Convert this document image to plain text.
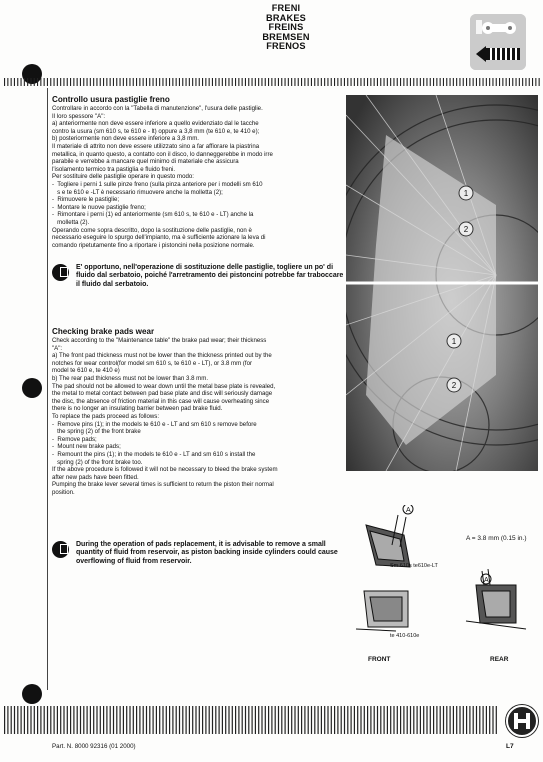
FRENI
BRAKES
FREINS
BREMSEN
FRENOS
Controllo usura pastiglie freno
Controllare in accordo con la "Tabella di manutenzione", l'usura delle pastiglie.
Il loro spessore "A":
a) anteriormente non deve essere inferiore a quello evidenziato dal le tacche
contro la usura (sm 610 s, te 610 e - lt) oppure a 3,8 mm (te 610 e, te 410 e);
b) posteriormente non deve essere inferiore a 3,8 mm.
Il materiale di attrito non deve essere utilizzato sino a far affiorare la piastrina
metallica, in quanto questo, a contatto con il disco, lo danneggerebbe in modo irre
parabile e verrebbe a mancare quel minimo di materiale che assicura
l'isolamento termico tra pastiglia e fluido freni.
Per sostituire delle pastiglie operare in questo modo:
-  Togliere i perni 1 sulle pinze freno (sulla pinza anteriore per i modelli sm 610
s e te 610 e -LT è necessario rimuovere anche la molletta (2);
-  Rimuovere le pastiglie;
-  Montare le nuove pastiglie freno;
-  Rimontare i perni (1) ed anteriormente (sm 610 s, te 610 e - LT) anche la
molletta (2).
Operando come sopra descritto, dopo la sostituzione delle pastiglie, non è
necessario eseguire lo spurgo dell'impianto, ma è sufficiente azionare la leva di
comando ripetutamente fino a riportare i pistoncini nella posizione normale.
E' opportuno, nell'operazione di sostituzione delle pastiglie, togliere un po' di fluido dal serbatoio, poiché l'arretramento dei pistoncini potrebbe far traboccare il fluido dal serbatoio.
Checking brake pads wear
Check according to the "Maintenance table" the brake pad wear; their thickness
"A":
a) The front pad thickness must not be lower than the thickness printed out by the
notches for wear control(for model sm 610 s, te 610 e - LT), or 3.8 mm (for
model te 610 e, te 410 e)
b) The rear pad thickness must not be lower than 3.8 mm.
The pad should not be allowed to wear down until the metal base plate is revealed,
the metal to metal contact between pad base plate and disc will seriously damage
the disc, the absence of friction material in this case will cause overheating since
there is no longer an insulating barrier between pad brake fluid.
To replace the pads proceed as follows:
-  Remove pins (1); in the models te 610 e - LT and sm 610 s remove before
the spring (2) of the front brake
-  Remove pads;
-  Mount new brake pads;
-  Remount the pins (1); in the models te 610 e - LT and sm 610 s install the
spring (2) of the front brake too.
If the above procedure is followed it will not be necessary to bleed the brake system
after new pads have been fitted.
Pumping the brake lever several times is sufficient to return the piston their normal
position.
During the operation of pads replacement, it is advisable to remove a small quantity of fluid from reservoir, as piston backing inside cylinders could cause overflowing of fluid from reservoir.
1
2
1
2
A
A
A = 3.8 mm (0.15 in.)
Sm 610s te610e-LT
te 410-610e
FRONT	REAR
Part. N. 8000 92316 (01 2000)	L7
